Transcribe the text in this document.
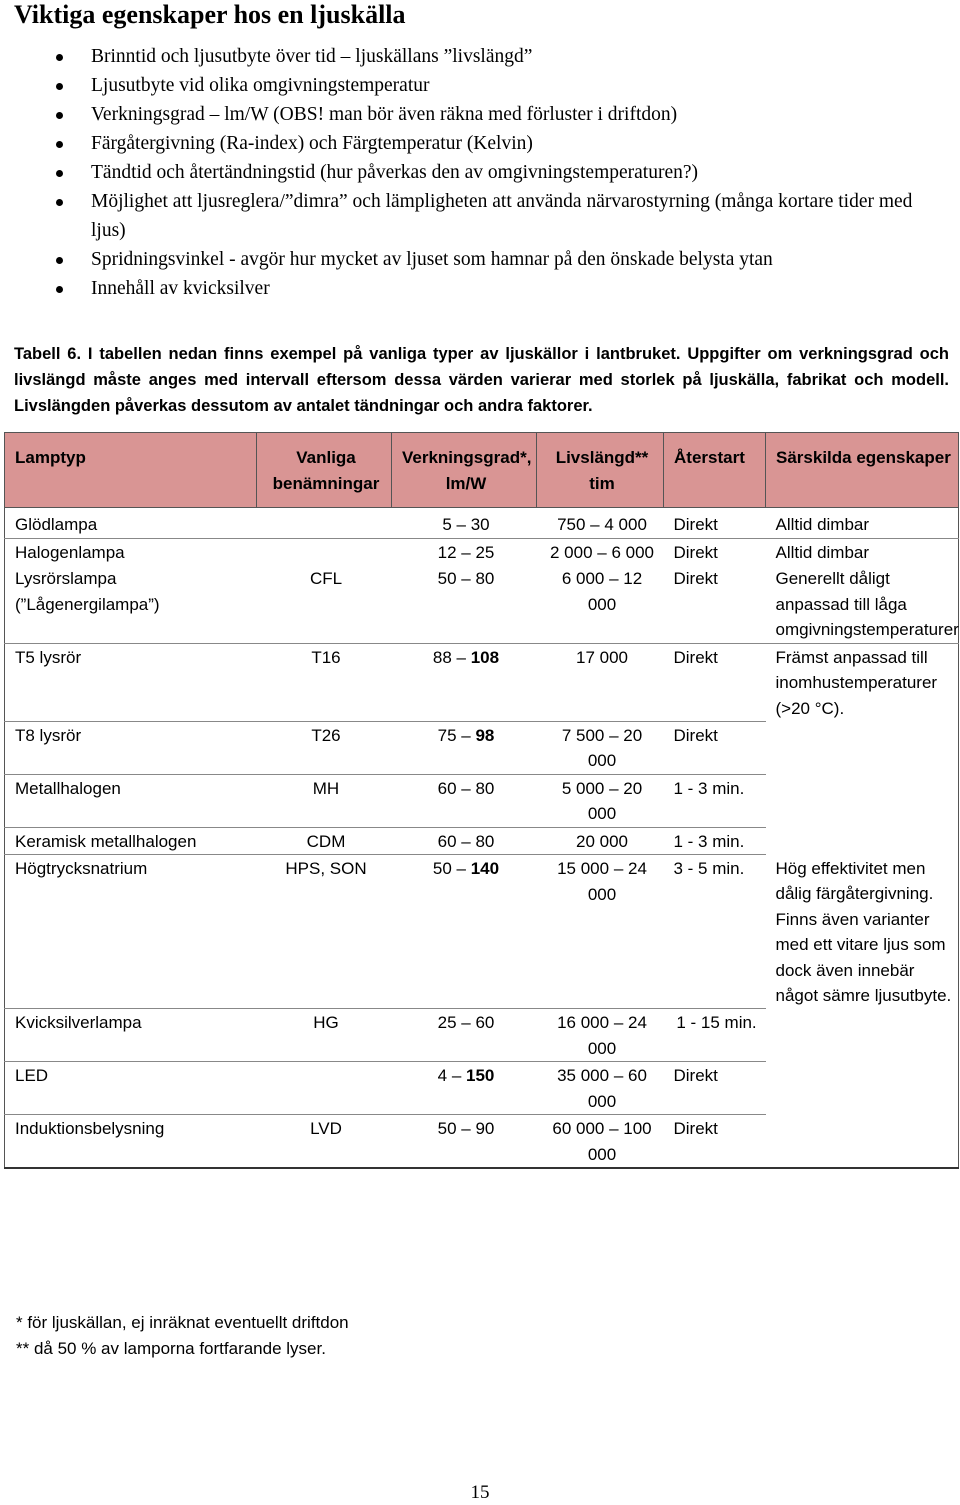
Viktiga egenskaper hos en ljuskälla
Brinntid och ljusutbyte över tid – ljuskällans ”livslängd”
Ljusutbyte vid olika omgivningstemperatur
Verkningsgrad – lm/W (OBS! man bör även räkna med förluster i driftdon)
Färgåtergivning (Ra-index) och Färgtemperatur (Kelvin)
Tändtid och återtändningstid (hur påverkas den av omgivningstemperaturen?)
Möjlighet att ljusreglera/”dimra” och lämpligheten att använda närvarostyrning (många kortare tider med ljus)
Spridningsvinkel - avgör hur mycket av ljuset som hamnar på den önskade belysta ytan
Innehåll av kvicksilver
Tabell 6. I tabellen nedan finns exempel på vanliga typer av ljuskällor i lantbruket. Uppgifter om verkningsgrad och livslängd måste anges med intervall eftersom dessa värden varierar med storlek på ljuskälla, fabrikat och modell. Livslängden påverkas dessutom av antalet tändningar och andra faktorer.
Lamptyp	Vanliga benämningar	Verkningsgrad*, lm/W	Livslängd** tim	Återstart	Särskilda egenskaper
Glödlampa		5 – 30	750 – 4 000	Direkt	Alltid dimbar
Halogenlampa		12 – 25	2 000 – 6 000	Direkt	Alltid dimbar
Lysrörslampa (”Lågenergilampa”)	CFL	50 – 80	6 000 – 12 000	Direkt	Generellt dåligt anpassad till låga omgivningstemperaturer
T5 lysrör	T16	88 – 108	17 000	Direkt	Främst anpassad till inomhustemperaturer (>20 °C).
T8 lysrör	T26	75 – 98	7 500 – 20 000	Direkt	
Metallhalogen	MH	60 – 80	5 000 – 20 000	1 - 3 min.	
Keramisk metallhalogen	CDM	60 – 80	20 000	1 - 3 min.	
Högtrycksnatrium	HPS, SON	50 – 140	15 000 – 24 000	3 - 5 min.	Hög effektivitet men dålig färgåtergivning. Finns även varianter med ett vitare ljus som dock även innebär något sämre ljusutbyte.
Kvicksilverlampa	HG	25 – 60	16 000 – 24 000	1 - 15 min.	
LED		4 – 150	35 000 – 60 000	Direkt	
Induktionsbelysning	LVD	50 – 90	60 000 – 100 000	Direkt	
* för ljuskällan, ej inräknat eventuellt driftdon
** då 50 % av lamporna fortfarande lyser.
15
